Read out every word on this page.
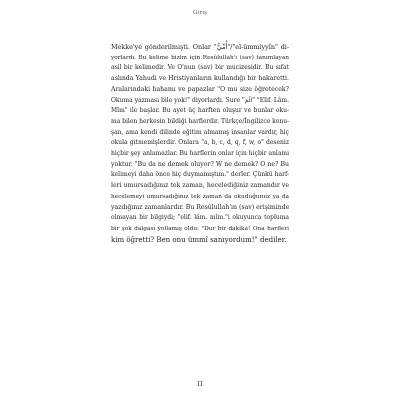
Giriş
Mekke'ye gönderilmişti. Onlar "أُمِّيٌّ"/"el-ümmiyyîn" di-
yorlardı. Bu kelime bizim için Resûlullah'ı (sav) tanımlayan
asil bir kelimedir. Ve O'nun (sav) bir mucizesidir. Bu sıfat
aslında Yahudi ve Hristiyanların kullandığı bir hakaretti.
Aralarındaki hahamı ve papazlar "O mu size öğretecek?
Okuma yazması bile yok!" diyorlardı. Sure "الٓمٓ" "Elif. Lâm.
Mîm" ile başlar. Bu ayet üç harften oluşur ve bunlar oku-
ma bilen herkesin bildiği harflerdir. Türkçe/İngilizce konu-
şan, ama kendi dilinde eğitim almamış insanlar vardır, hiç
okula gitmemişlerdir. Onlara "a, b, c, d, q, f, w, o" deseniz
hiçbir şey anlamazlar. Bu harflerin onlar için hiçbir anlamı
yoktur. "Bu da ne demek oluyor? W ne demek? O ne? Bu
kelimeyi daha önce hiç duymamıştım." derler. Çünkü harf-
leri umursadığınız tek zaman, hecelediğiniz zamandır ve
hecelemeyi umursadığınız tek zaman da okuduğunuz ya da
yazdığınız zamanlardır. Bu Resûlullah'ın (sav) erişiminde
olmayan bir bilgiydi; "elif. lâm. mîm."i okuyunca topluma
bir şok dalgası yollamış oldu: "Dur bir dakika! Ona harfleri
kim öğretti? Ben onu ümmî sanıyordum!" dediler.
II
